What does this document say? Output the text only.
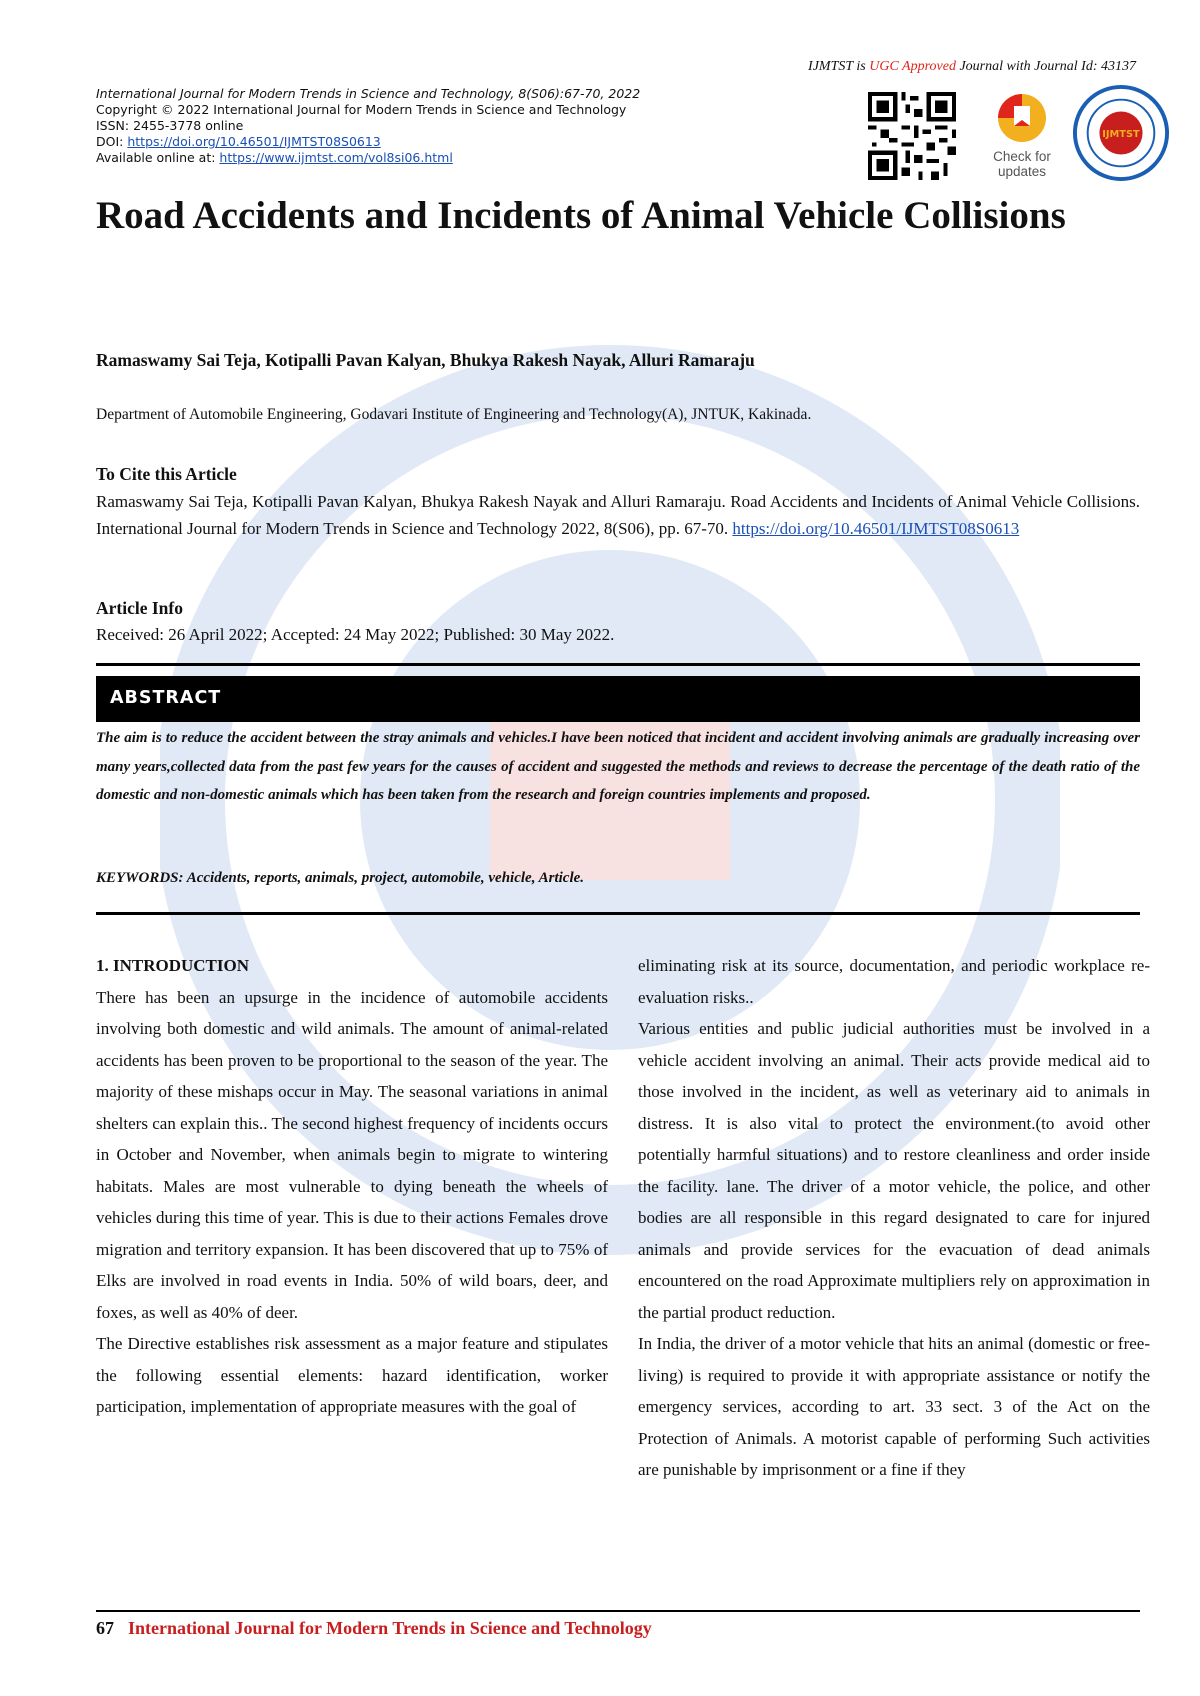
IJMTST is UGC Approved Journal with Journal Id: 43137
International Journal for Modern Trends in Science and Technology, 8(S06):67-70, 2022
Copyright © 2022 International Journal for Modern Trends in Science and Technology
ISSN: 2455-3778 online
DOI: https://doi.org/10.46501/IJMTST08S0613
Available online at: https://www.ijmtst.com/vol8si06.html	Check for
updates
IJMTST
Road Accidents and Incidents of Animal Vehicle Collisions
Ramaswamy Sai Teja, Kotipalli Pavan Kalyan, Bhukya Rakesh Nayak, Alluri Ramaraju
Department of Automobile Engineering, Godavari Institute of Engineering and Technology(A), JNTUK, Kakinada.
To Cite this Article
Ramaswamy Sai Teja, Kotipalli Pavan Kalyan, Bhukya Rakesh Nayak and Alluri Ramaraju. Road Accidents and Incidents of Animal Vehicle Collisions. International Journal for Modern Trends in Science and Technology 2022, 8(S06), pp. 67-70. https://doi.org/10.46501/IJMTST08S0613
Article Info
Received: 26 April 2022; Accepted: 24 May 2022; Published: 30 May 2022.
ABSTRACT
The aim is to reduce the accident between the stray animals and vehicles.I have been noticed that incident and accident involving animals are gradually increasing over many years,collected data from the past few years for the causes of accident and suggested the methods and reviews to decrease the percentage of the death ratio of the domestic and non-domestic animals which has been taken from the research and foreign countries implements and proposed.
KEYWORDS: Accidents, reports, animals, project, automobile, vehicle, Article.

1. INTRODUCTION

There has been an upsurge in the incidence of automobile accidents involving both domestic and wild animals. The amount of animal-related accidents has been proven to be proportional to the season of the year. The majority of these mishaps occur in May. The seasonal variations in animal shelters can explain this.. The second highest frequency of incidents occurs in October and November, when animals begin to migrate to wintering habitats. Males are most vulnerable to dying beneath the wheels of vehicles during this time of year. This is due to their actions Females drove migration and territory expansion. It has been discovered that up to 75% of Elks are involved in road events in India. 50% of wild boars, deer, and foxes, as well as 40% of deer.

The Directive establishes risk assessment as a major feature and stipulates the following essential elements: hazard identification, worker participation, implementation of appropriate measures with the goal of

eliminating risk at its source, documentation, and periodic workplace re-evaluation risks..

Various entities and public judicial authorities must be involved in a vehicle accident involving an animal. Their acts provide medical aid to those involved in the incident, as well as veterinary aid to animals in distress. It is also vital to protect the environment.(to avoid other potentially harmful situations) and to restore cleanliness and order inside the facility. lane. The driver of a motor vehicle, the police, and other bodies are all responsible in this regard designated to care for injured animals and provide services for the evacuation of dead animals encountered on the road Approximate multipliers rely on approximation in the partial product reduction.

In India, the driver of a motor vehicle that hits an animal (domestic or free-living) is required to provide it with appropriate assistance or notify the emergency services, according to art. 33 sect. 3 of the Act on the Protection of Animals. A motorist capable of performing Such activities are punishable by imprisonment or a fine if they

67 International Journal for Modern Trends in Science and Technology
